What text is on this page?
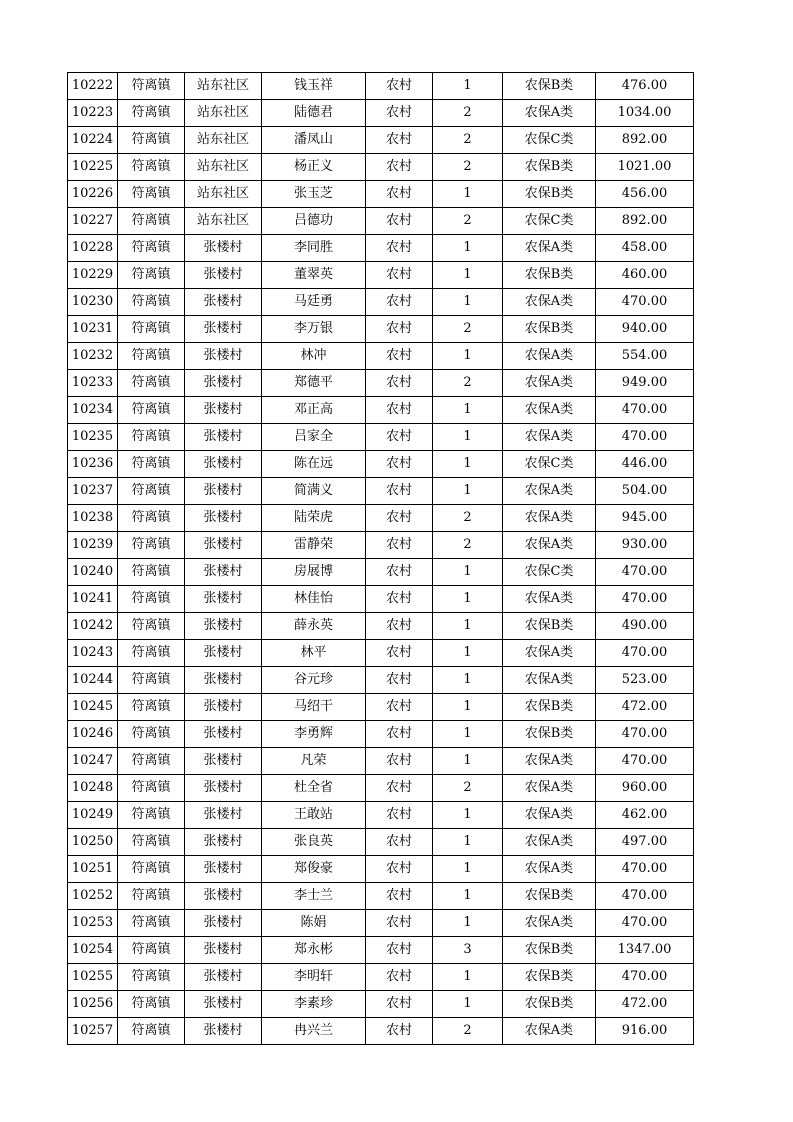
10222	符离镇	站东社区	钱玉祥	农村	1	农保B类	476.00
10223	符离镇	站东社区	陆德君	农村	2	农保A类	1034.00
10224	符离镇	站东社区	潘凤山	农村	2	农保C类	892.00
10225	符离镇	站东社区	杨正义	农村	2	农保B类	1021.00
10226	符离镇	站东社区	张玉芝	农村	1	农保B类	456.00
10227	符离镇	站东社区	吕德功	农村	2	农保C类	892.00
10228	符离镇	张楼村	李同胜	农村	1	农保A类	458.00
10229	符离镇	张楼村	董翠英	农村	1	农保B类	460.00
10230	符离镇	张楼村	马廷勇	农村	1	农保A类	470.00
10231	符离镇	张楼村	李万银	农村	2	农保B类	940.00
10232	符离镇	张楼村	林冲	农村	1	农保A类	554.00
10233	符离镇	张楼村	郑德平	农村	2	农保A类	949.00
10234	符离镇	张楼村	邓正高	农村	1	农保A类	470.00
10235	符离镇	张楼村	吕家全	农村	1	农保A类	470.00
10236	符离镇	张楼村	陈在远	农村	1	农保C类	446.00
10237	符离镇	张楼村	简满义	农村	1	农保A类	504.00
10238	符离镇	张楼村	陆荣虎	农村	2	农保A类	945.00
10239	符离镇	张楼村	雷静荣	农村	2	农保A类	930.00
10240	符离镇	张楼村	房展博	农村	1	农保C类	470.00
10241	符离镇	张楼村	林佳怡	农村	1	农保A类	470.00
10242	符离镇	张楼村	薛永英	农村	1	农保B类	490.00
10243	符离镇	张楼村	林平	农村	1	农保A类	470.00
10244	符离镇	张楼村	谷元珍	农村	1	农保A类	523.00
10245	符离镇	张楼村	马绍干	农村	1	农保B类	472.00
10246	符离镇	张楼村	李勇辉	农村	1	农保B类	470.00
10247	符离镇	张楼村	凡荣	农村	1	农保A类	470.00
10248	符离镇	张楼村	杜全省	农村	2	农保A类	960.00
10249	符离镇	张楼村	王敢站	农村	1	农保A类	462.00
10250	符离镇	张楼村	张良英	农村	1	农保A类	497.00
10251	符离镇	张楼村	郑俊豪	农村	1	农保A类	470.00
10252	符离镇	张楼村	李士兰	农村	1	农保B类	470.00
10253	符离镇	张楼村	陈娟	农村	1	农保A类	470.00
10254	符离镇	张楼村	郑永彬	农村	3	农保B类	1347.00
10255	符离镇	张楼村	李明轩	农村	1	农保B类	470.00
10256	符离镇	张楼村	李素珍	农村	1	农保B类	472.00
10257	符离镇	张楼村	冉兴兰	农村	2	农保A类	916.00
